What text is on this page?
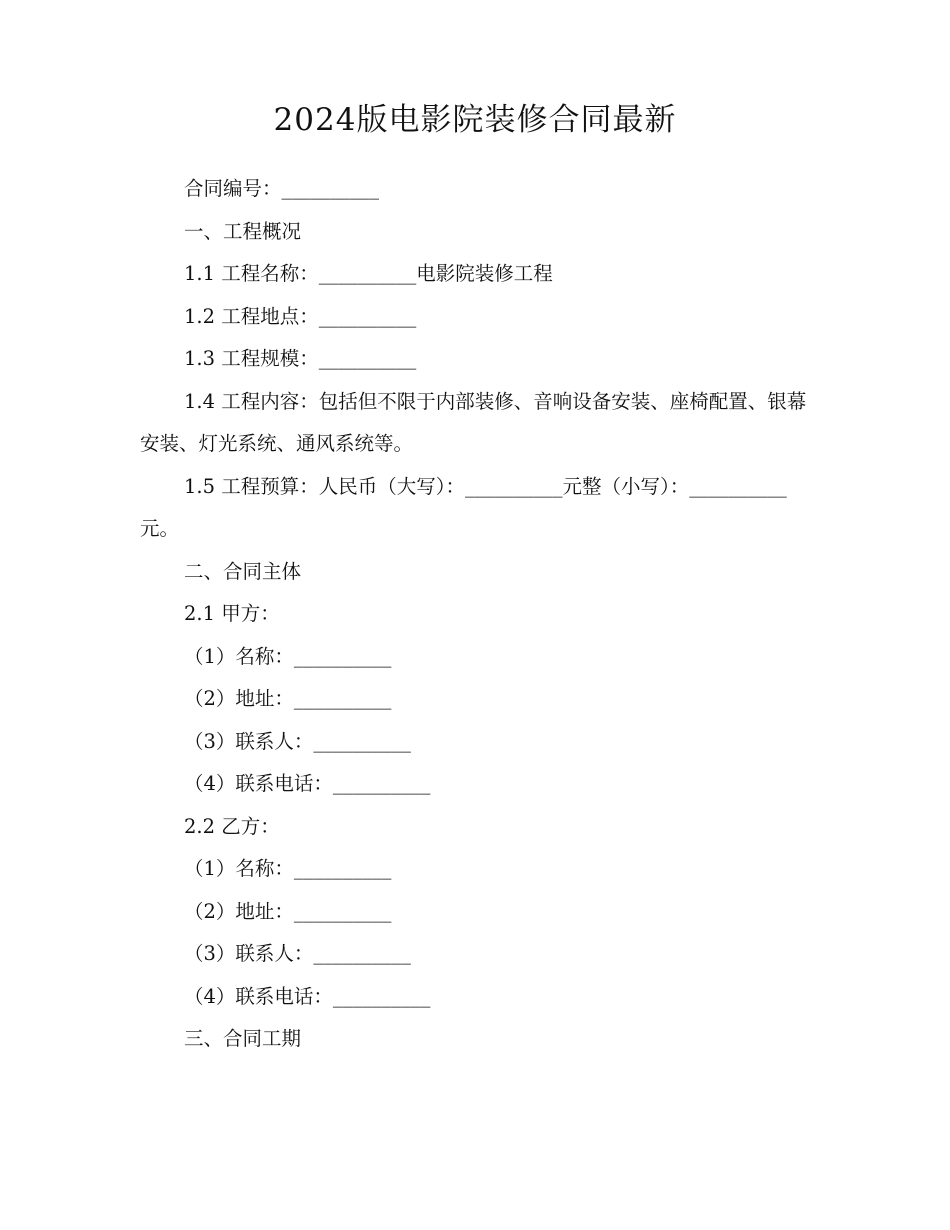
2024版电影院装修合同最新

合同编号：__________

一、工程概况

1.1 工程名称：__________电影院装修工程

1.2 工程地点：__________

1.3 工程规模：__________

1.4 工程内容：包括但不限于内部装修、音响设备安装、座椅配置、银幕安装、灯光系统、通风系统等。

1.5 工程预算：人民币（大写）：__________元整（小写）：__________元。

二、合同主体

2.1 甲方：

（1）名称：__________

（2）地址：__________

（3）联系人：__________

（4）联系电话：__________

2.2 乙方：

（1）名称：__________

（2）地址：__________

（3）联系人：__________

（4）联系电话：__________

三、合同工期
